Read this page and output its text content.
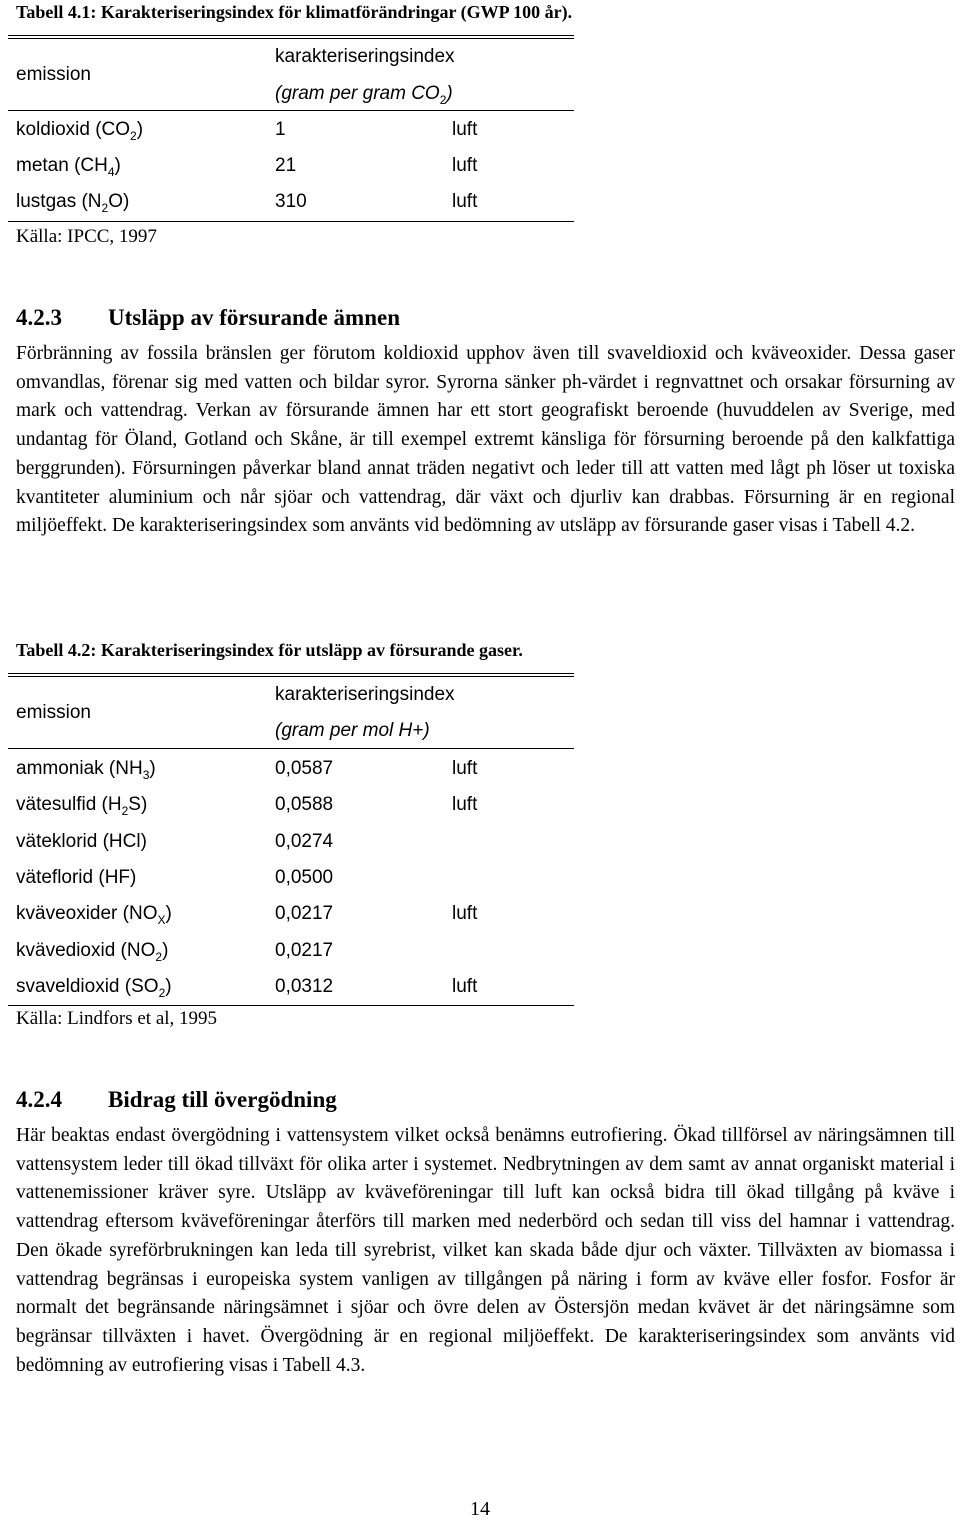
Tabell 4.1: Karakteriseringsindex för klimatförändringar (GWP 100 år).
emission
karakteriseringsindex
(gram per gram $CO_2$)
koldioxid $(CO_2)$	1	luft
metan $(CH_4)$	21	luft
lustgas $(N_2O)$	310	luft
Källa: IPCC, 1997
4.2.3 Utsläpp av försurande ämnen

Förbränning av fossila bränslen ger förutom koldioxid upphov även till svaveldioxid och kväveoxider. Dessa gaser omvandlas, förenar sig med vatten och bildar syror. Syrorna sänker ph-värdet i regnvattnet och orsakar försurning av mark och vattendrag. Verkan av försurande ämnen har ett stort geografiskt beroende (huvuddelen av Sverige, med undantag för Öland, Gotland och Skåne, är till exempel extremt känsliga för försurning beroende på den kalkfattiga berggrunden). Försurningen påverkar bland annat träden negativt och leder till att vatten med lågt ph löser ut toxiska kvantiteter aluminium och når sjöar och vattendrag, där växt och djurliv kan drabbas. Försurning är en regional miljöeffekt. De karakteriseringsindex som använts vid bedömning av utsläpp av försurande gaser visas i Tabell 4.2.

Tabell 4.2: Karakteriseringsindex för utsläpp av försurande gaser.
emission
karakteriseringsindex
(gram per mol H+)
ammoniak $(NH_3)$	0,0587	luft
vätesulfid $(H_2S)$	0,0588	luft
väteklorid (HCl)	0,0274
väteflorid (HF)	0,0500
kväveoxider $(NO_X)$	0,0217	luft
kvävedioxid $(NO_2)$	0,0217
svaveldioxid $(SO_2)$	0,0312	luft
Källa: Lindfors et al, 1995
4.2.4 Bidrag till övergödning

Här beaktas endast övergödning i vattensystem vilket också benämns eutrofiering. Ökad tillförsel av näringsämnen till vattensystem leder till ökad tillväxt för olika arter i systemet. Nedbrytningen av dem samt av annat organiskt material i vattenemissioner kräver syre. Utsläpp av kväveföreningar till luft kan också bidra till ökad tillgång på kväve i vattendrag eftersom kväveföreningar återförs till marken med nederbörd och sedan till viss del hamnar i vattendrag. Den ökade syreförbrukningen kan leda till syrebrist, vilket kan skada både djur och växter. Tillväxten av biomassa i vattendrag begränsas i europeiska system vanligen av tillgången på näring i form av kväve eller fosfor. Fosfor är normalt det begränsande näringsämnet i sjöar och övre delen av Östersjön medan kvävet är det näringsämne som begränsar tillväxten i havet. Övergödning är en regional miljöeffekt. De karakteriseringsindex som använts vid bedömning av eutrofiering visas i Tabell 4.3.

14
